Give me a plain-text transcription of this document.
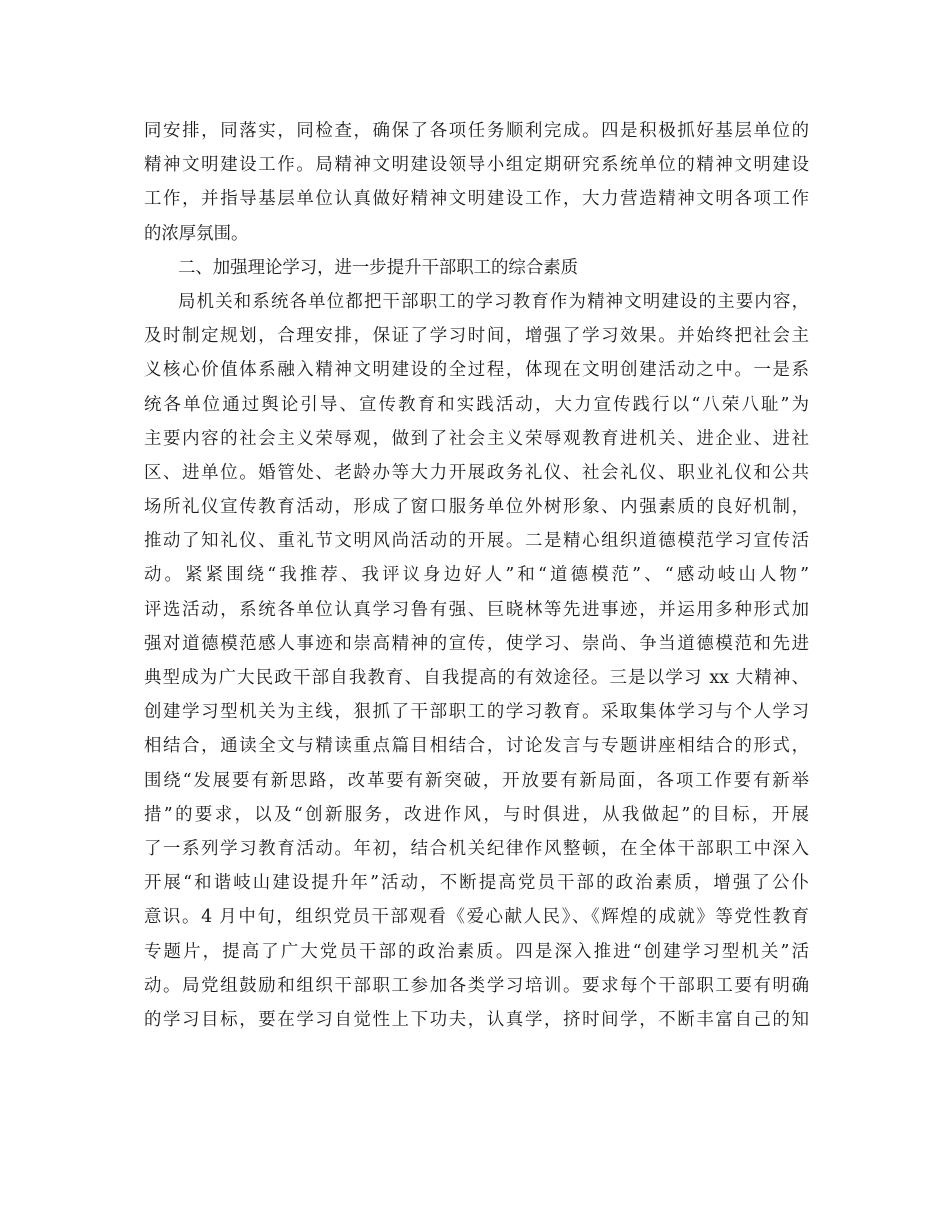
同安排，同落实，同检查，确保了各项任务顺利完成。四是积极抓好基层单位的
精神文明建设工作。局精神文明建设领导小组定期研究系统单位的精神文明建设
工作，并指导基层单位认真做好精神文明建设工作，大力营造精神文明各项工作
的浓厚氛围。
二、加强理论学习，进一步提升干部职工的综合素质
局机关和系统各单位都把干部职工的学习教育作为精神文明建设的主要内容，
及时制定规划，合理安排，保证了学习时间，增强了学习效果。并始终把社会主
义核心价值体系融入精神文明建设的全过程，体现在文明创建活动之中。一是系
统各单位通过舆论引导、宣传教育和实践活动，大力宣传践行以“八荣八耻”为
主要内容的社会主义荣辱观，做到了社会主义荣辱观教育进机关、进企业、进社
区、进单位。婚管处、老龄办等大力开展政务礼仪、社会礼仪、职业礼仪和公共
场所礼仪宣传教育活动，形成了窗口服务单位外树形象、内强素质的良好机制，
推动了知礼仪、重礼节文明风尚活动的开展。二是精心组织道德模范学习宣传活
动。紧紧围绕“我推荐、我评议身边好人”和“道德模范”、“感动岐山人物”
评选活动，系统各单位认真学习鲁有强、巨晓林等先进事迹，并运用多种形式加
强对道德模范感人事迹和崇高精神的宣传，使学习、崇尚、争当道德模范和先进
典型成为广大民政干部自我教育、自我提高的有效途径。三是以学习 xx 大精神、
创建学习型机关为主线，狠抓了干部职工的学习教育。采取集体学习与个人学习
相结合，通读全文与精读重点篇目相结合，讨论发言与专题讲座相结合的形式，
围绕“发展要有新思路，改革要有新突破，开放要有新局面，各项工作要有新举
措”的要求，以及“创新服务，改进作风，与时俱进，从我做起”的目标，开展
了一系列学习教育活动。年初，结合机关纪律作风整顿，在全体干部职工中深入
开展“和谐岐山建设提升年”活动，不断提高党员干部的政治素质，增强了公仆
意识。4 月中旬，组织党员干部观看《爱心献人民》、《辉煌的成就》等党性教育
专题片，提高了广大党员干部的政治素质。四是深入推进“创建学习型机关”活
动。局党组鼓励和组织干部职工参加各类学习培训。要求每个干部职工要有明确
的学习目标，要在学习自觉性上下功夫，认真学，挤时间学，不断丰富自己的知
